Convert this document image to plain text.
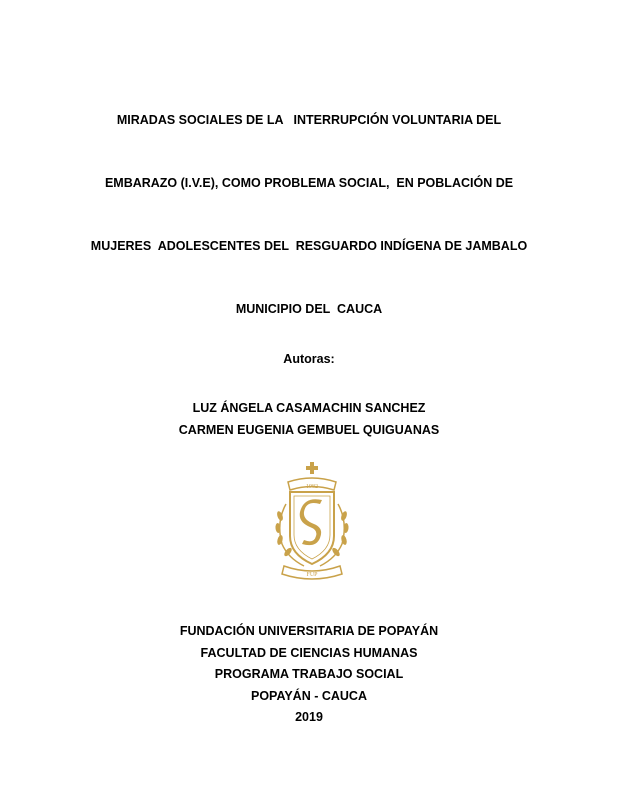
MIRADAS SOCIALES DE LA   INTERRUPCIÓN VOLUNTARIA DEL

EMBARAZO (I.V.E), COMO PROBLEMA SOCIAL,  EN POBLACIÓN DE

MUJERES  ADOLESCENTES DEL  RESGUARDO INDÍGENA DE JAMBALO

MUNICIPIO DEL  CAUCA

Autoras:
LUZ ÁNGELA CASAMACHIN SANCHEZ
CARMEN EUGENIA GEMBUEL QUIGUANAS
1982
FUP
FUNDACIÓN UNIVERSITARIA DE POPAYÁN
FACULTAD DE CIENCIAS HUMANAS
PROGRAMA TRABAJO SOCIAL
POPAYÁN - CAUCA
2019
